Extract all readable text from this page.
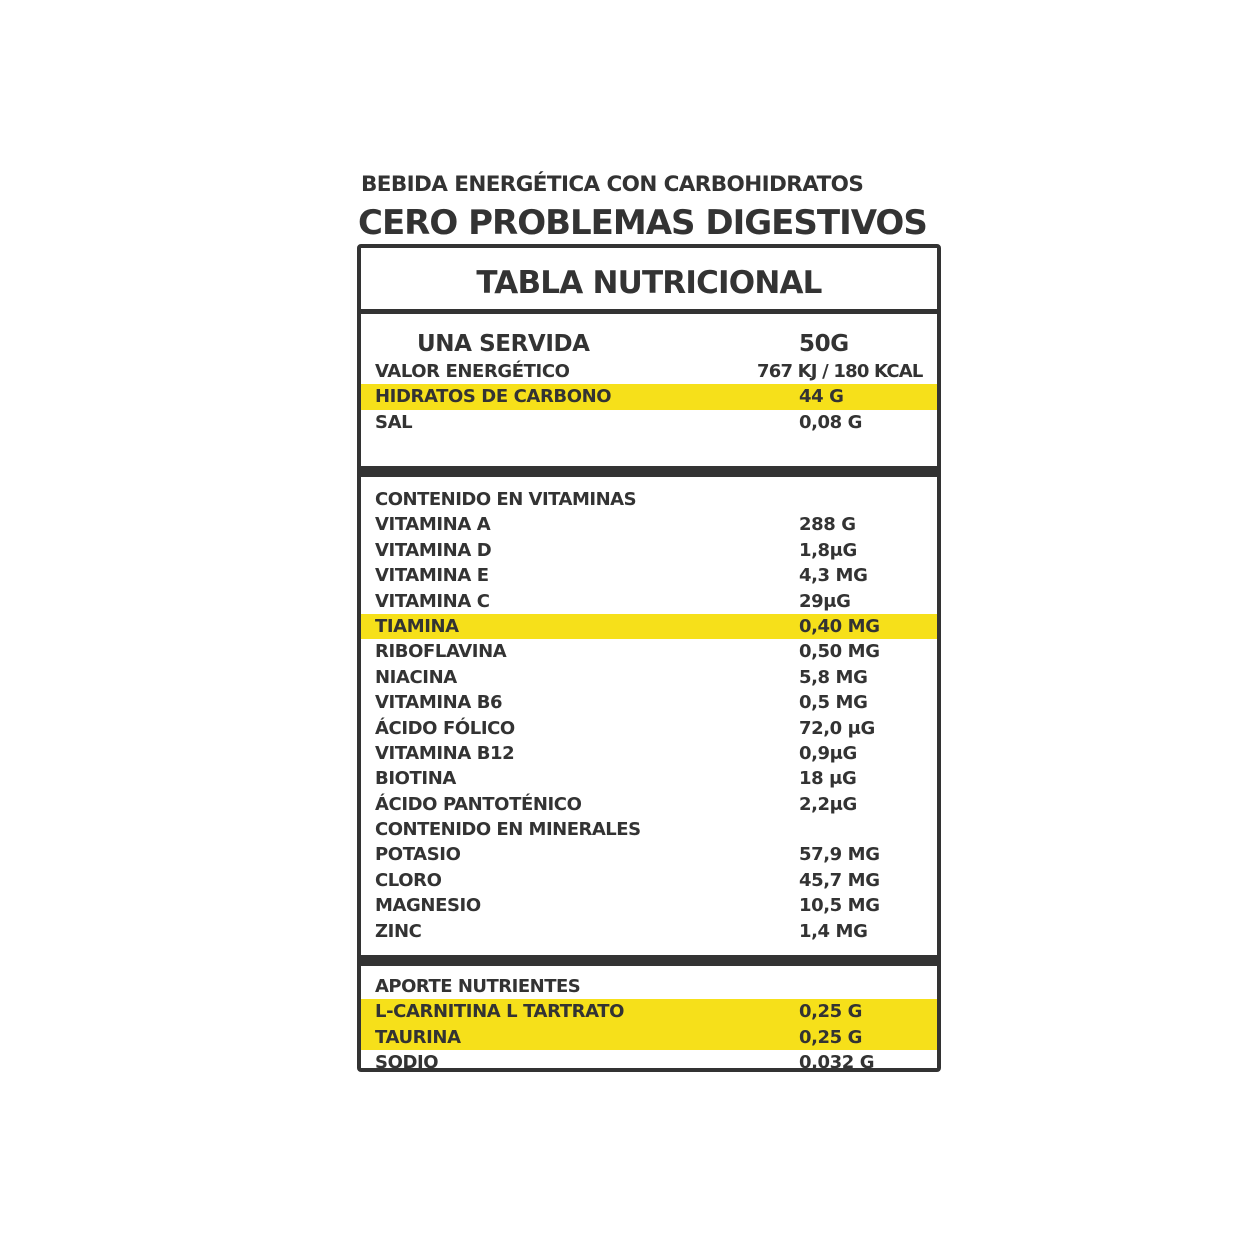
BEBIDA ENERGÉTICA CON CARBOHIDRATOS
CERO PROBLEMAS DIGESTIVOS
TABLA NUTRICIONAL
UNA SERVIDA	50G
VALOR ENERGÉTICO	767 KJ / 180 KCAL
HIDRATOS DE CARBONO	44 G
SAL	0,08 G
CONTENIDO EN VITAMINAS
VITAMINA A	288 G
VITAMINA D	1,8μG
VITAMINA E	4,3 MG
VITAMINA C	29μG
TIAMINA	0,40 MG
RIBOFLAVINA	0,50 MG
NIACINA	5,8 MG
VITAMINA B6	0,5 MG
ÁCIDO FÓLICO	72,0 μG
VITAMINA B12	0,9μG
BIOTINA	18 μG
ÁCIDO PANTOTÉNICO	2,2μG
CONTENIDO EN MINERALES
POTASIO	57,9 MG
CLORO	45,7 MG
MAGNESIO	10,5 MG
ZINC	1,4 MG
APORTE NUTRIENTES
L-CARNITINA L TARTRATO	0,25 G
TAURINA	0,25 G
SODIO	0,032 G
